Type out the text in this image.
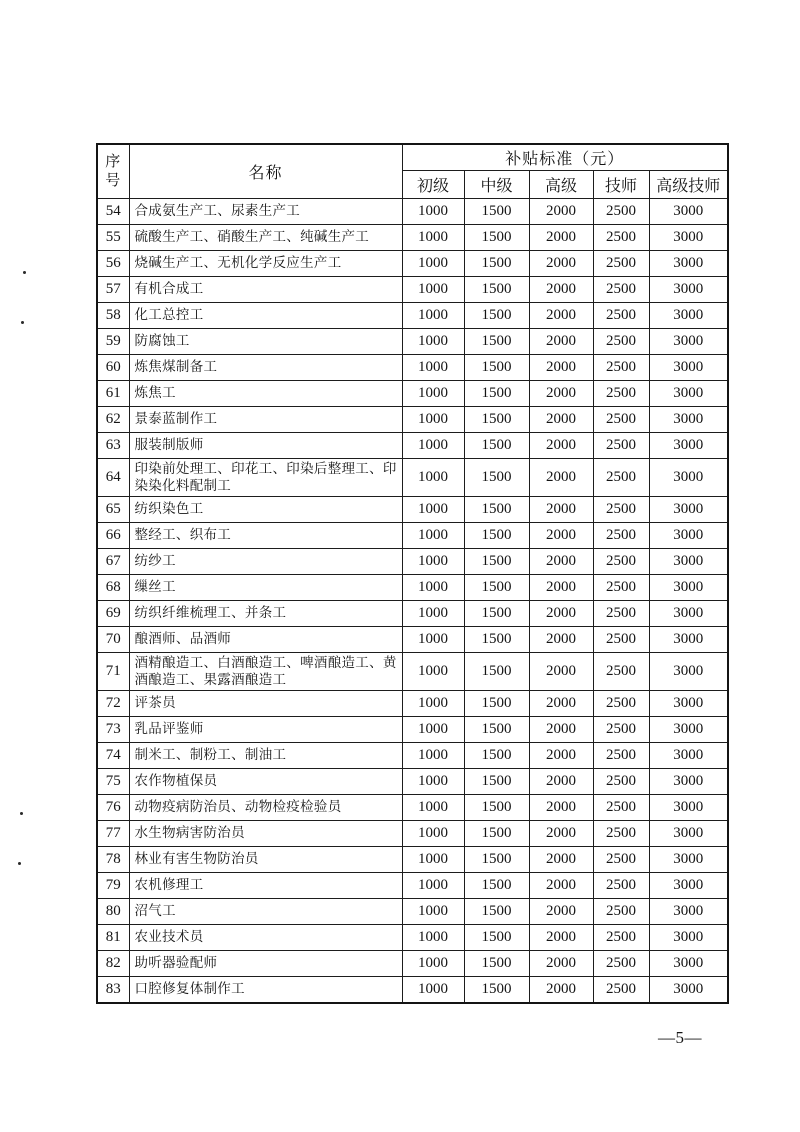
序号	名称	补贴标准（元）				
		初级	中级	高级	技师	高级技师
54	合成氨生产工、尿素生产工	1000	1500	2000	2500	3000
55	硫酸生产工、硝酸生产工、纯碱生产工	1000	1500	2000	2500	3000
56	烧碱生产工、无机化学反应生产工	1000	1500	2000	2500	3000
57	有机合成工	1000	1500	2000	2500	3000
58	化工总控工	1000	1500	2000	2500	3000
59	防腐蚀工	1000	1500	2000	2500	3000
60	炼焦煤制备工	1000	1500	2000	2500	3000
61	炼焦工	1000	1500	2000	2500	3000
62	景泰蓝制作工	1000	1500	2000	2500	3000
63	服装制版师	1000	1500	2000	2500	3000
64	印染前处理工、印花工、印染后整理工、印染染化料配制工	1000	1500	2000	2500	3000
65	纺织染色工	1000	1500	2000	2500	3000
66	整经工、织布工	1000	1500	2000	2500	3000
67	纺纱工	1000	1500	2000	2500	3000
68	缫丝工	1000	1500	2000	2500	3000
69	纺织纤维梳理工、并条工	1000	1500	2000	2500	3000
70	酿酒师、品酒师	1000	1500	2000	2500	3000
71	酒精酿造工、白酒酿造工、啤酒酿造工、黄酒酿造工、果露酒酿造工	1000	1500	2000	2500	3000
72	评茶员	1000	1500	2000	2500	3000
73	乳品评鉴师	1000	1500	2000	2500	3000
74	制米工、制粉工、制油工	1000	1500	2000	2500	3000
75	农作物植保员	1000	1500	2000	2500	3000
76	动物疫病防治员、动物检疫检验员	1000	1500	2000	2500	3000
77	水生物病害防治员	1000	1500	2000	2500	3000
78	林业有害生物防治员	1000	1500	2000	2500	3000
79	农机修理工	1000	1500	2000	2500	3000
80	沼气工	1000	1500	2000	2500	3000
81	农业技术员	1000	1500	2000	2500	3000
82	助听器验配师	1000	1500	2000	2500	3000
83	口腔修复体制作工	1000	1500	2000	2500	3000
—5—
